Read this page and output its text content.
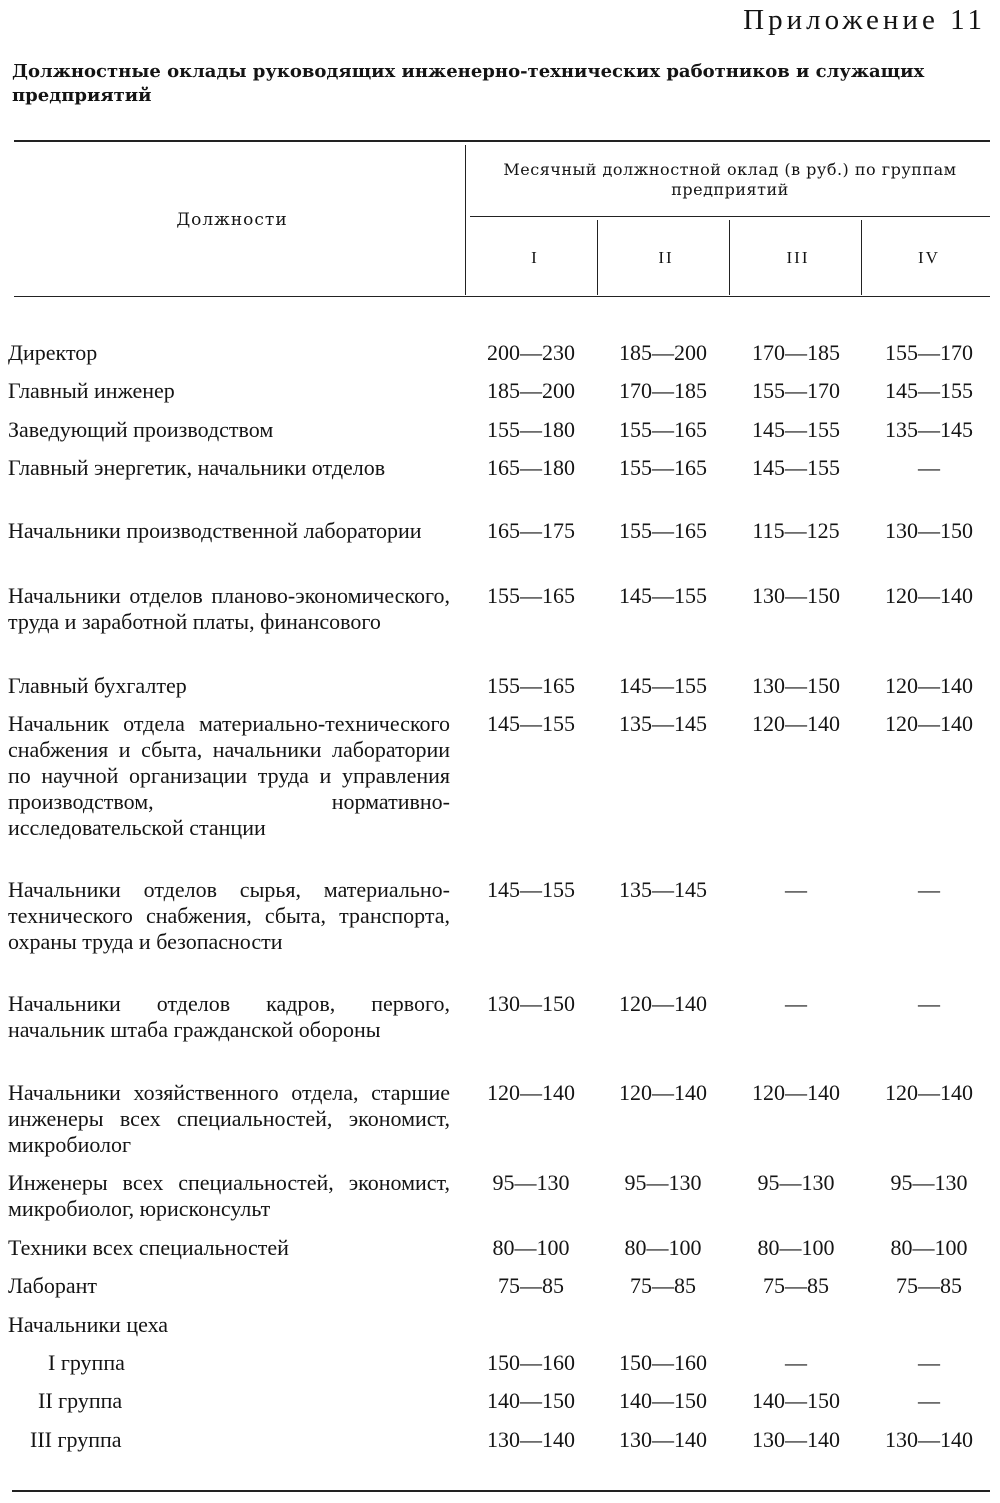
Приложение 11
Должностные оклады руководящих инженерно-технических работников и служащих предприятий
Должности
Месячный должностной оклад (в руб.) по группам предприятий
I	II	III	IV
Директор	200—230	185—200	170—185	155—170
Главный инженер	185—200	170—185	155—170	145—155
Заведующий производством	155—180	155—165	145—155	135—145
Главный энергетик, начальники отделов	165—180	155—165	145—155	—
Начальники производственной лаборатории	165—175	155—165	115—125	130—150
Начальники отделов планово-экономического, труда и заработной платы, финансового
155—165	145—155	130—150	120—140
Главный бухгалтер	155—165	145—155	130—150	120—140
Начальник отдела материально-технического снабжения и сбыта, начальники лаборатории по научной организации труда и управления производством, нормативно-исследовательской станции
145—155	135—145	120—140	120—140
Начальники отделов сырья, материально-технического снабжения, сбыта, транспорта, охраны труда и безопасности
145—155	135—145	—	—
Начальники отделов кадров, первого, начальник штаба гражданской обороны
130—150	120—140	—	—
Начальники хозяйственного отдела, старшие инженеры всех специальностей, экономист, микробиолог
120—140	120—140	120—140	120—140
Инженеры всех специальностей, экономист, микробиолог, юрисконсульт
95—130	95—130	95—130	95—130
Техники всех специальностей	80—100	80—100	80—100	80—100
Лаборант	75—85	75—85	75—85	75—85
Начальники цеха
I группа	150—160	150—160	—	—
II группа	140—150	140—150	140—150	—
III группа	130—140	130—140	130—140	130—140
